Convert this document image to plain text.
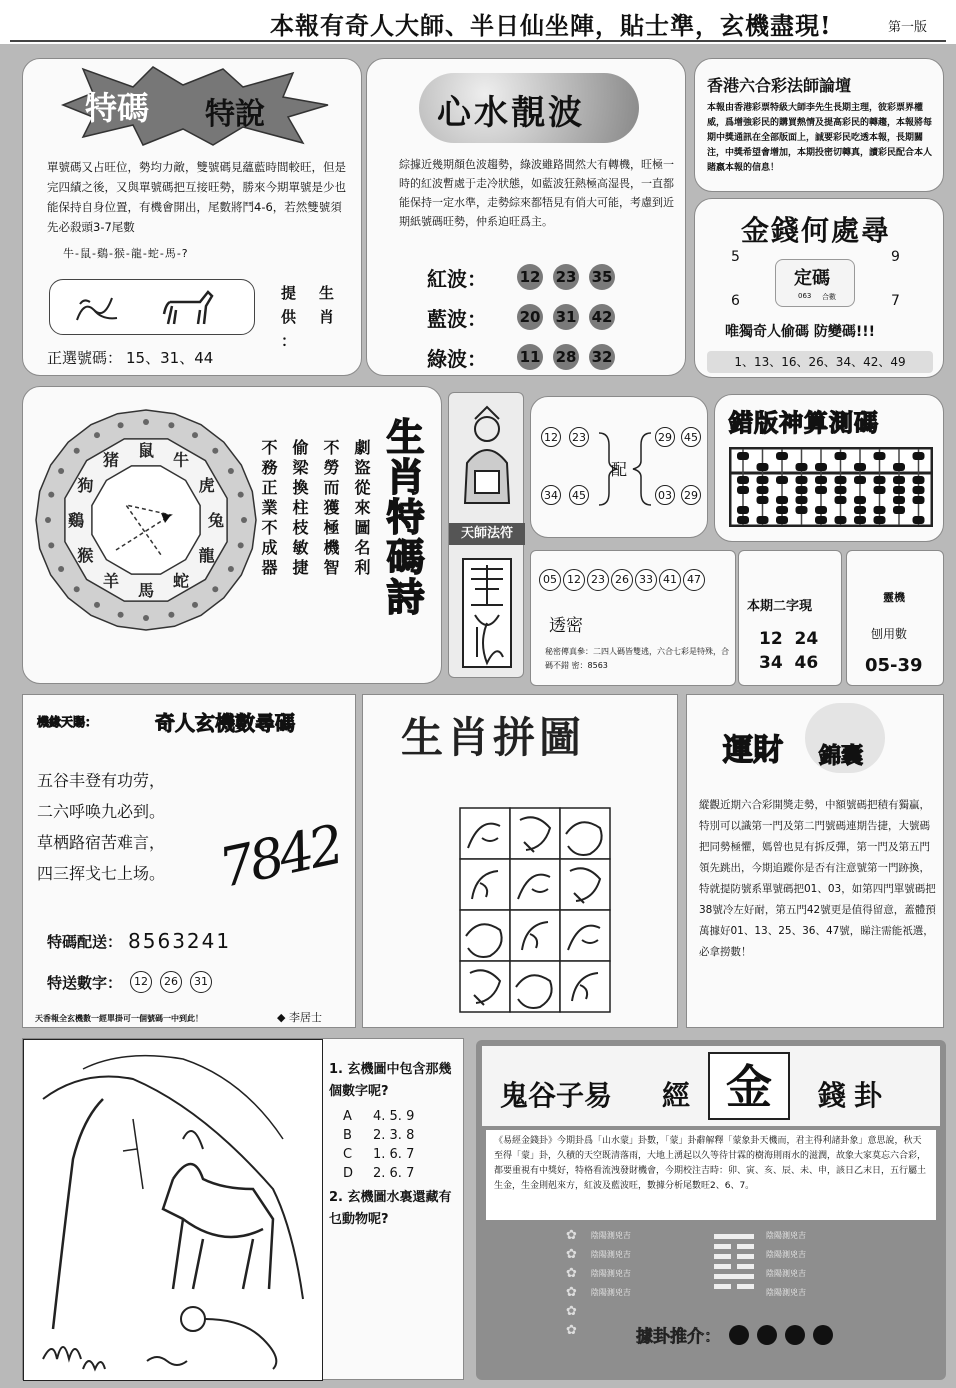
本報有奇人大師、半日仙坐陣，貼士準，玄機盡現!	第一版
特碼 特說
單號碼又占旺位，勢均力敵，雙號碼見蘊藍時間較旺，但是完四績之後，又與單號碼把互接旺勢，勝來今期單號是少也能保持自身位置，有機會開出，尾數將鬥4-6，若然雙號須先必殺頭3-7尾數
牛-鼠-鷄-猴-龍-蛇-馬-?
提
供
：
生
肖
正選號碼： 15、31、44
心水靚波
綜據近幾期顏色波趨勢，綠波雖路間然大有轉機，旺極一時的紅波暫處于走冷狀態，如藍波狂熱極高湿畏，一直都能保持一定水準，走勢綜來都牾見有俏大可能，考慮到近期紙號碼旺勢，仲系迫旺爲主。
紅波：	12 23 35
藍波：	20 31 42
綠波：	11 28 32
香港六合彩法師論壇
本報由香港彩票特級大師李先生長期主理，彼彩票界權威，爲增強彩民的購買熱情及提高彩民的轉趨，本報將每期中獎通訊在全部版面上，誠要彩民吃透本報，長期關注，中獎希望會增加，本期投密切轉真，讀彩民配合本人賭嬴本報的信息！
金錢何處尋
5	9
6	7
定碼
063 合數
唯獨奇人偷碼 防變碼!!!
1、13、16、26、34、42、49
鼠 牛
虎
兔
龍
蛇
馬
羊
猴
鷄
狗
猪	劇盜從來圖名利
不勞而獲極機智
偷梁換柱枝敏捷
不務正業不成器	生肖特碼詩	天師法符
12 23
34 45
配
29 45
03 29
錯版神算測碼
05 12 23 26 33 41 47
透密
秘密傳真參：二四人碼皆雙逃，六合七彩是特殊，合碼不錯 密：8563
本期二字現
12  24
34  46
靈機
刨用數
05-39
機緣天賜：	奇人玄機數尋碼
五谷丰登有功劳，
二六呼唤九必到。
草栖路宿苦难言，
四三挥戈七上场。 7842
特碼配送： 8563241
特送數字：	12	26	31
天香報全玄機數一經單掛可一個號碼一中到此！	◆ 李居士
生肖拼圖	運財 錦囊
縱觀近期六合彩開獎走勢，中額號碼把積有獨贏，特別可以識第一門及第二門號碼連期告捷，大號碼把同勢極懼，媽曾也見有拆反彈，第一門及第五門領先跳出，今期追蹤你是否有注意號第一門跡換，特就提防號系單號碼把01、03，如第四門單號碼把38號冷左好耐，第五門42號更是值得留意，蓋體預萬據好01、13、25、36、47號，睇注需能祇選，必拿撈數！
1. 玄機圖中包含那幾個數字呢?
A	4. 5. 9
B	2. 3. 8
C	1. 6. 7
D	2. 6. 7
2. 玄機圖水裏還藏有乜動物呢?
鬼谷子易 經 金	錢卦
《易經金錢卦》今期卦爲「山水蒙」卦數，「蒙」卦辭解釋「蒙象卦天機而，君主得利諸卦象」意思說，秋天至得「蒙」卦，久積的天空既清落雨，大地上湧起以久等待甘霖的樹海則雨水的滋潤，故象大家莫忘六合彩，都要重視有中獎好，特格看流洩發財機會，今期校注吉時：卯、寅、亥、辰、未、申，該日乙末日，五行屬土生金，生金則剋來方，紅波及藍波旺，數據分析尾數旺2、6、7。
✿ 陰陽測兇吉
✿ 陰陽測兇吉
✿ 陰陽測兇吉
✿ 陰陽測兇吉
✿
✿
陰陽測兇吉
陰陽測兇吉
陰陽測兇吉
陰陽測兇吉
據卦推介：
